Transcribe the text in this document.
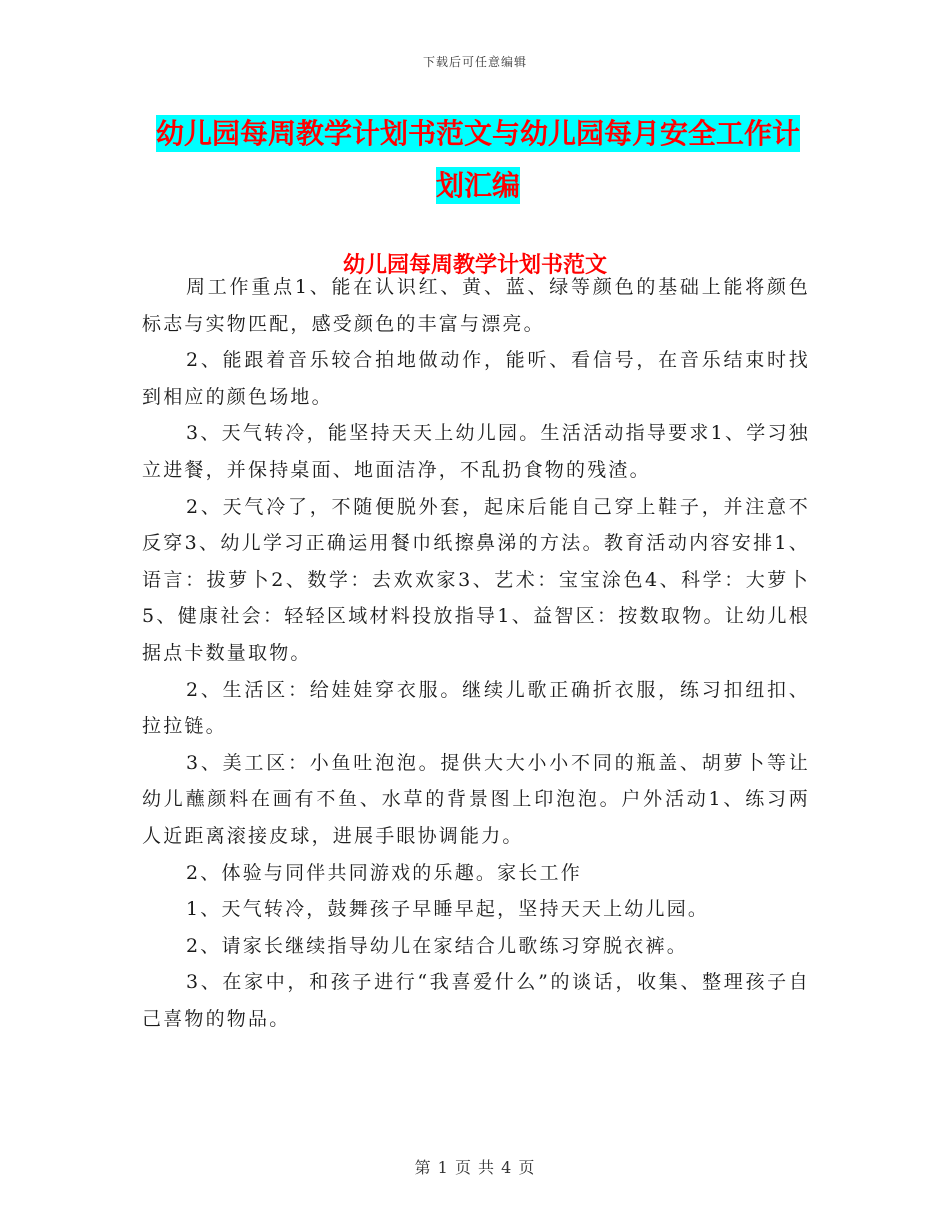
下载后可任意编辑
幼儿园每周教学计划书范文与幼儿园每月安全工作计划汇编
幼儿园每周教学计划书范文

周工作重点1、能在认识红、黄、蓝、绿等颜色的基础上能将颜色标志与实物匹配，感受颜色的丰富与漂亮。

2、能跟着音乐较合拍地做动作，能听、看信号，在音乐结束时找到相应的颜色场地。

3、天气转冷，能坚持天天上幼儿园。生活活动指导要求1、学习独立进餐，并保持桌面、地面洁净，不乱扔食物的残渣。

2、天气冷了，不随便脱外套，起床后能自己穿上鞋子，并注意不反穿3、幼儿学习正确运用餐巾纸擦鼻涕的方法。教育活动内容安排1、语言：拔萝卜2、数学：去欢欢家3、艺术：宝宝涂色4、科学：大萝卜5、健康社会：轻轻区域材料投放指导1、益智区：按数取物。让幼儿根据点卡数量取物。

2、生活区：给娃娃穿衣服。继续儿歌正确折衣服，练习扣纽扣、拉拉链。

3、美工区：小鱼吐泡泡。提供大大小小不同的瓶盖、胡萝卜等让幼儿蘸颜料在画有不鱼、水草的背景图上印泡泡。户外活动1、练习两人近距离滚接皮球，进展手眼协调能力。

2、体验与同伴共同游戏的乐趣。家长工作

1、天气转冷，鼓舞孩子早睡早起，坚持天天上幼儿园。

2、请家长继续指导幼儿在家结合儿歌练习穿脱衣裤。

3、在家中，和孩子进行“我喜爱什么”的谈话，收集、整理孩子自己喜物的物品。

第 1 页 共 4 页
